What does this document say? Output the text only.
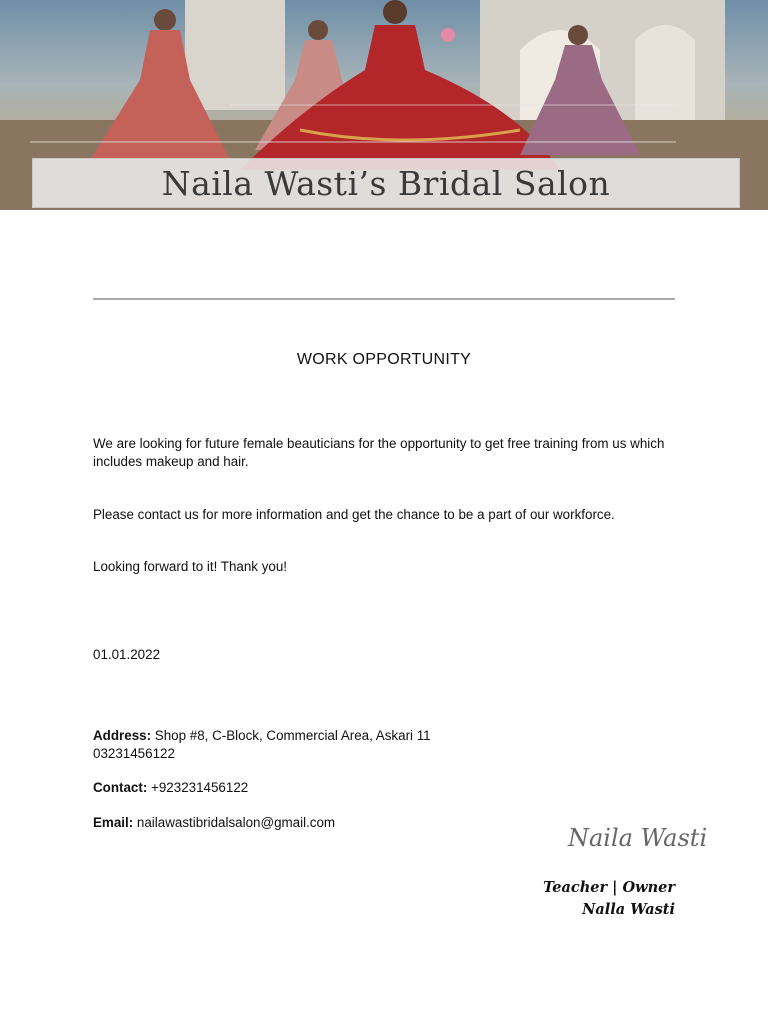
Naila Wasti’s Bridal Salon
WORK OPPORTUNITY
We are looking for future female beauticians for the opportunity to get free training from us which includes makeup and hair.
Please contact us for more information and get the chance to be a part of our workforce.
Looking forward to it! Thank you!
01.01.2022
Address: Shop #8, C-Block, Commercial Area, Askari 11
03231456122
Contact: +923231456122
Email: nailawastibridalsalon@gmail.com
Naila Wasti
Teacher | Owner
Nalla Wasti
